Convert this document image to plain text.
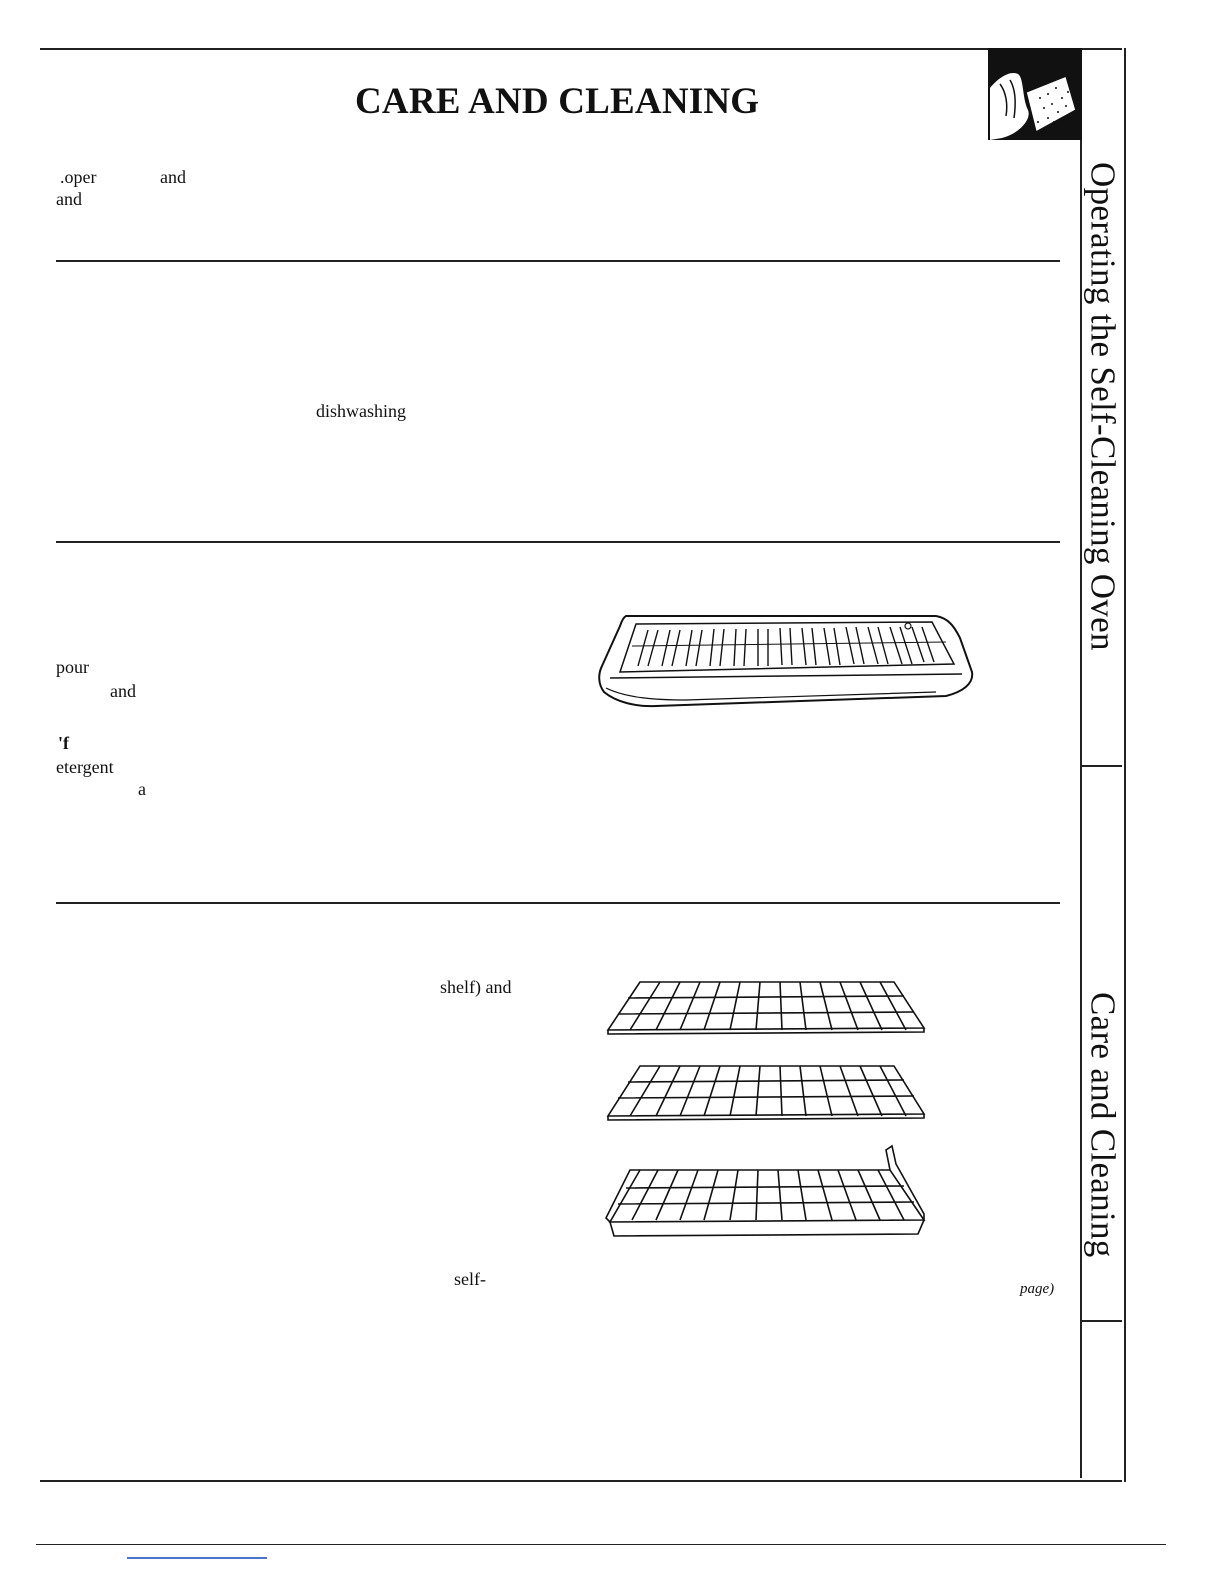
CARE AND CLEANING
.oper	and
and
dishwashing
pour
and
'f
etergent
a
shelf) and
self-	page)
Operating the Self-Cleaning Oven
Care and Cleaning
